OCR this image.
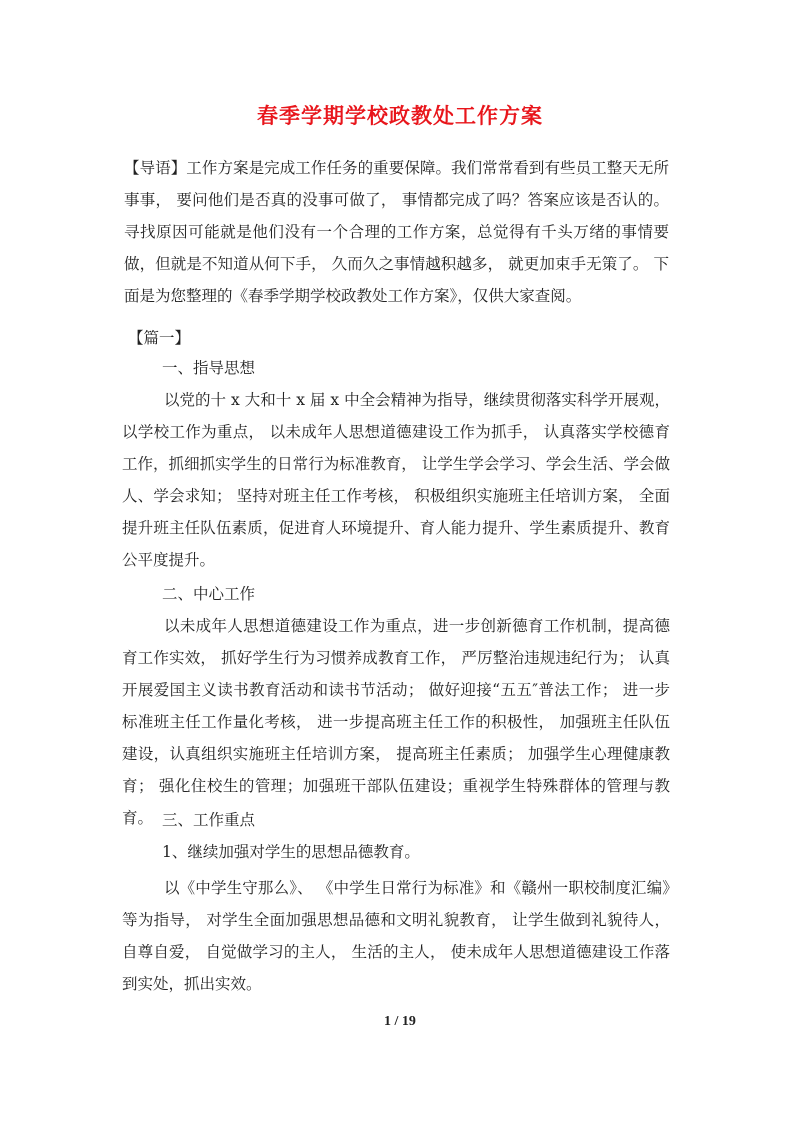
春季学期学校政教处工作方案

【导语】工作方案是完成工作任务的重要保障。我们常常看到有些员工整天无所事事， 要问他们是否真的没事可做了， 事情都完成了吗？答案应该是否认的。寻找原因可能就是他们没有一个合理的工作方案，总觉得有千头万绪的事情要做，但就是不知道从何下手， 久而久之事情越积越多， 就更加束手无策了。 下面是为您整理的《春季学期学校政教处工作方案》，仅供大家查阅。

【篇一】

一、指导思想

以党的十 x 大和十 x 届 x 中全会精神为指导，继续贯彻落实科学开展观，以学校工作为重点， 以未成年人思想道德建设工作为抓手， 认真落实学校德育工作，抓细抓实学生的日常行为标准教育， 让学生学会学习、学会生活、学会做人、学会求知； 坚持对班主任工作考核， 积极组织实施班主任培训方案， 全面提升班主任队伍素质，促进育人环境提升、育人能力提升、学生素质提升、教育公平度提升。

二、中心工作

以未成年人思想道德建设工作为重点，进一步创新德育工作机制，提高德育工作实效， 抓好学生行为习惯养成教育工作， 严厉整治违规违纪行为； 认真开展爱国主义读书教育活动和读书节活动； 做好迎接“五五″普法工作； 进一步标准班主任工作量化考核， 进一步提高班主任工作的积极性， 加强班主任队伍建设，认真组织实施班主任培训方案， 提高班主任素质； 加强学生心理健康教育； 强化住校生的管理；加强班干部队伍建设；重视学生特殊群体的管理与教育。 三、工作重点

1、继续加强对学生的思想品德教育。

以《中学生守那么》、 《中学生日常行为标准》和《赣州一职校制度汇编》等为指导， 对学生全面加强思想品德和文明礼貌教育， 让学生做到礼貌待人， 自尊自爱， 自觉做学习的主人， 生活的主人， 使未成年人思想道德建设工作落到实处，抓出实效。

1 / 19
